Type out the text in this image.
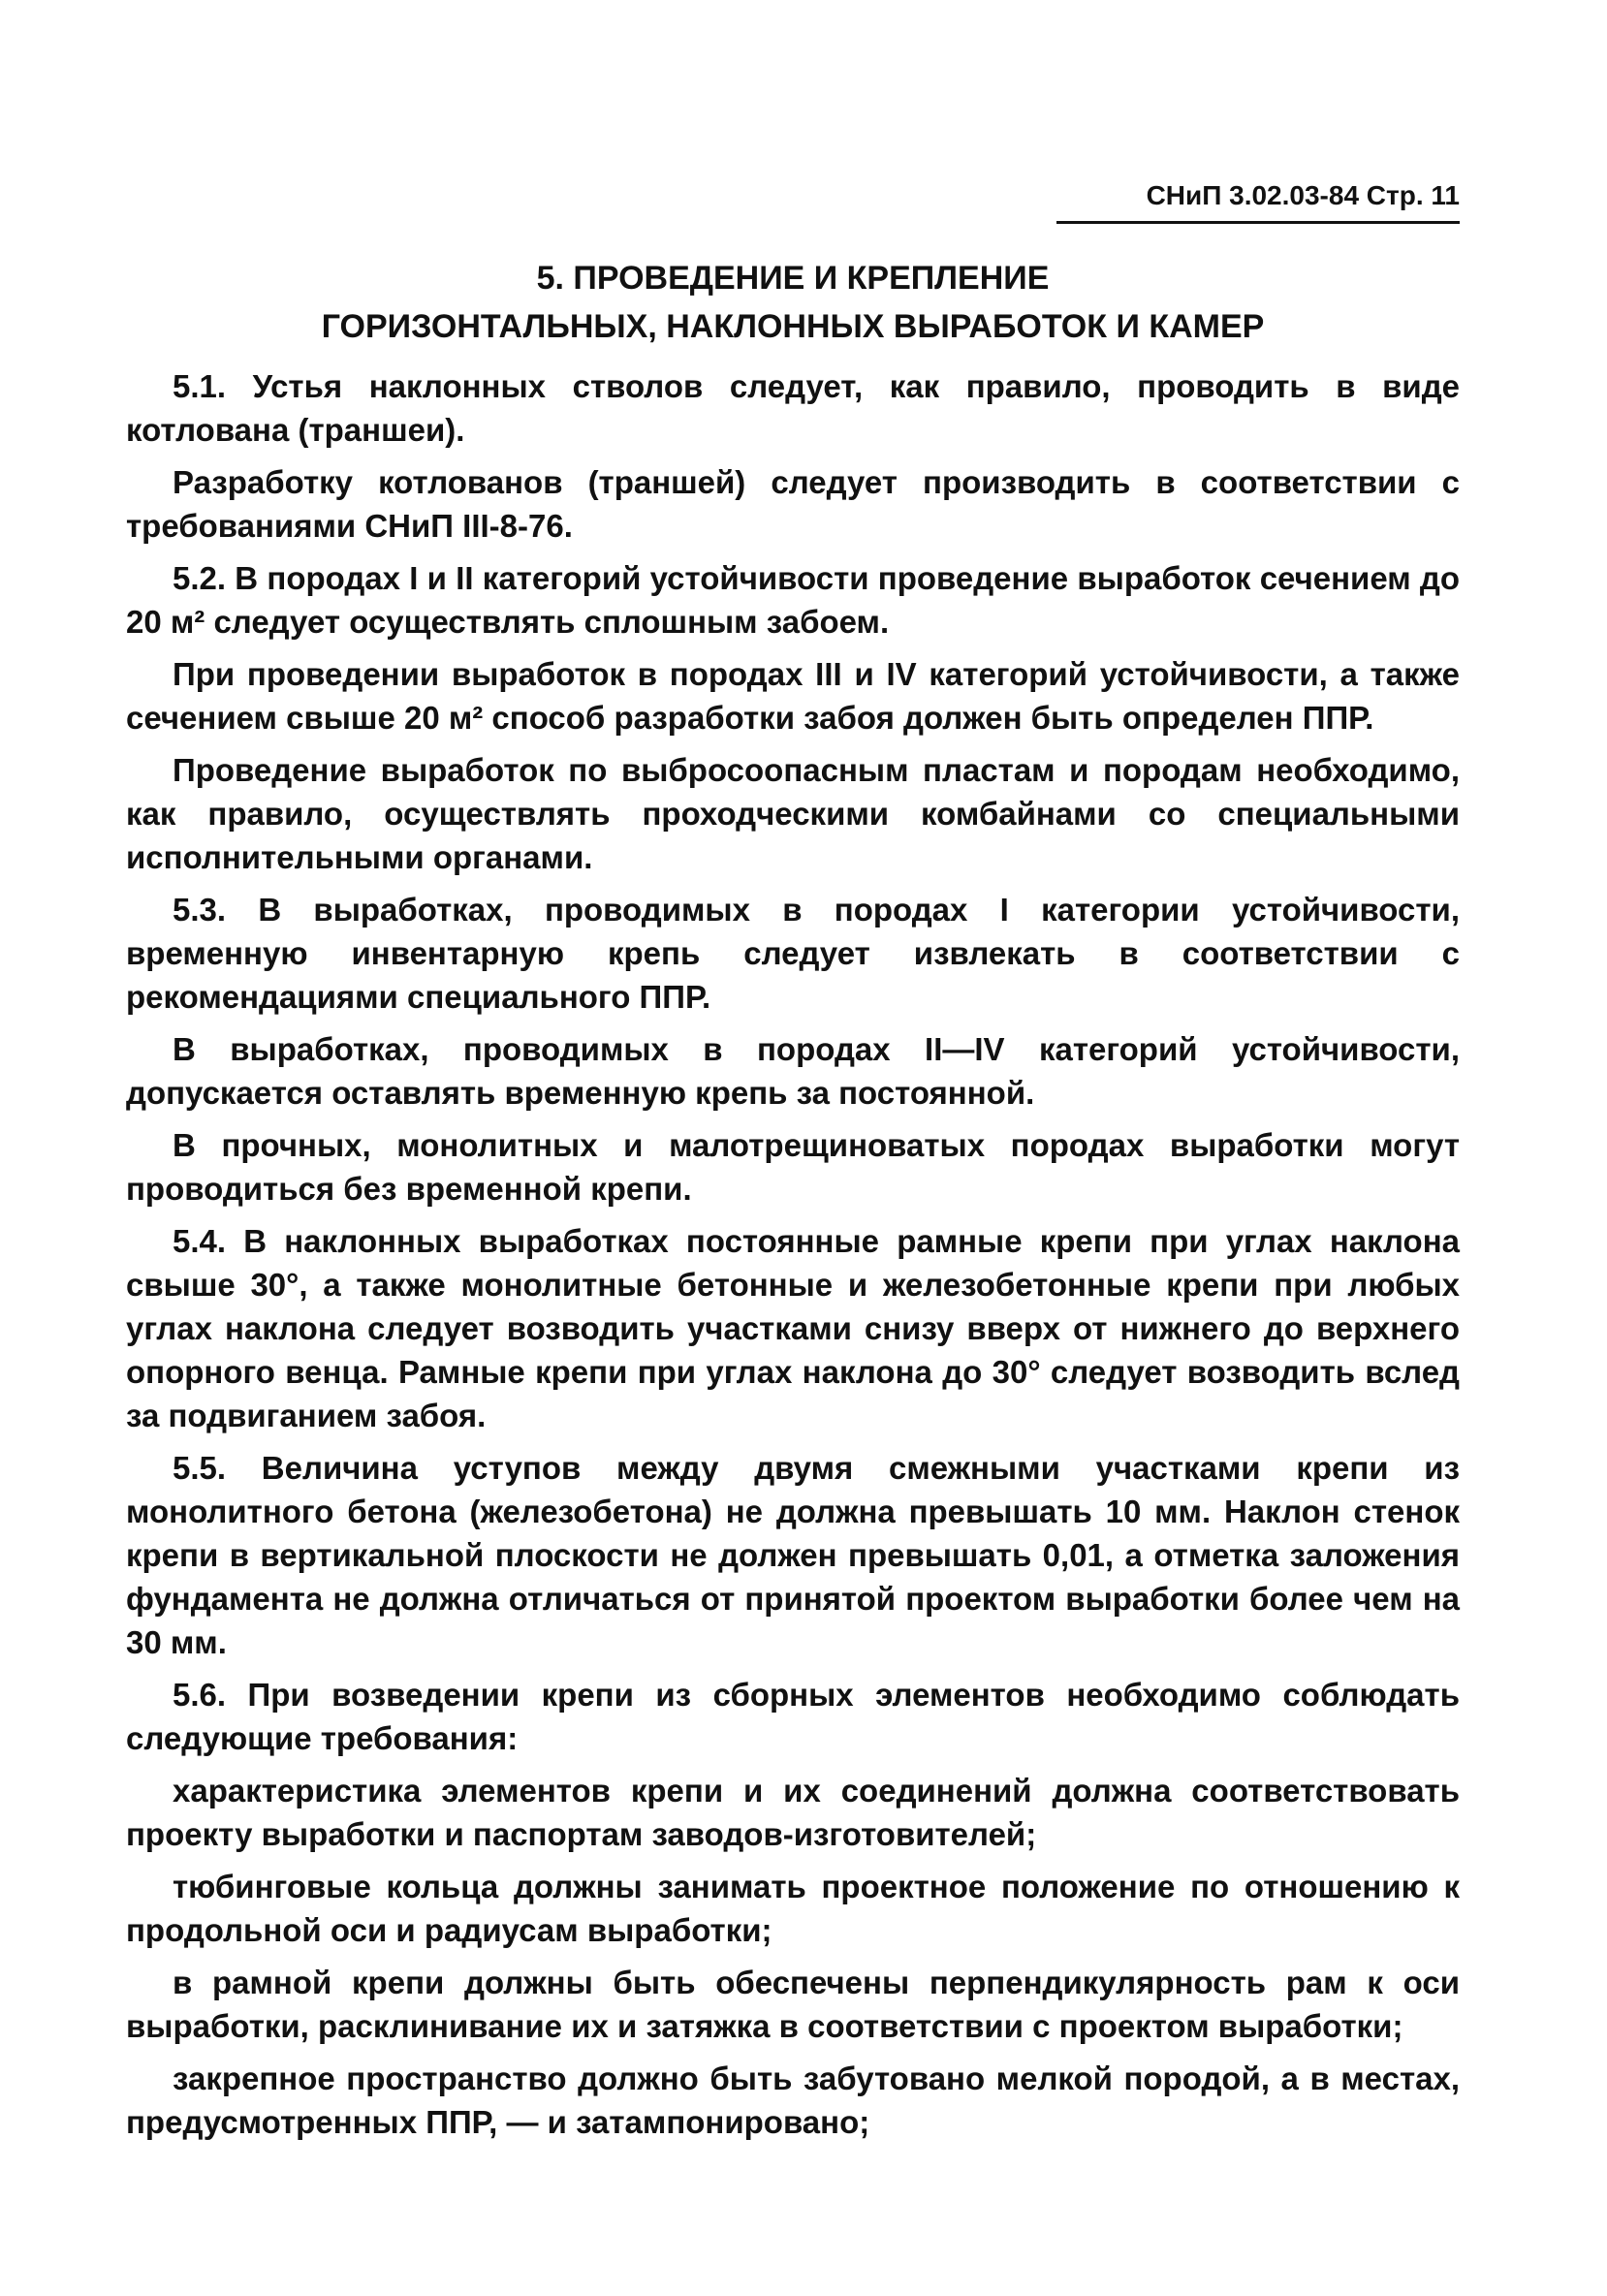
СНиП 3.02.03-84 Стр. 11
5. ПРОВЕДЕНИЕ И КРЕПЛЕНИЕ
ГОРИЗОНТАЛЬНЫХ, НАКЛОННЫХ ВЫРАБОТОК И КАМЕР

5.1. Устья наклонных стволов следует, как правило, проводить в виде котлована (траншеи).

Разработку котлованов (траншей) следует производить в соответствии с требованиями СНиП III-8-76.

5.2. В породах I и II категорий устойчивости проведение выработок сечением до 20 м² следует осуществлять сплошным забоем.

При проведении выработок в породах III и IV категорий устойчивости, а также сечением свыше 20 м² способ разработки забоя должен быть определен ППР.

Проведение выработок по выбросоопасным пластам и породам необходимо, как правило, осуществлять проходческими комбайнами со специальными исполнительными органами.

5.3. В выработках, проводимых в породах I категории устойчивости, временную инвентарную крепь следует извлекать в соответствии с рекомендациями специального ППР.

В выработках, проводимых в породах II—IV категорий устойчивости, допускается оставлять временную крепь за постоянной.

В прочных, монолитных и малотрещиноватых породах выработки могут проводиться без временной крепи.

5.4. В наклонных выработках постоянные рамные крепи при углах наклона свыше 30°, а также монолитные бетонные и железобетонные крепи при любых углах наклона следует возводить участками снизу вверх от нижнего до верхнего опорного венца. Рамные крепи при углах наклона до 30° следует возводить вслед за подвиганием забоя.

5.5. Величина уступов между двумя смежными участками крепи из монолитного бетона (железобетона) не должна превышать 10 мм. Наклон стенок крепи в вертикальной плоскости не должен превышать 0,01, а отметка заложения фундамента не должна отличаться от принятой проектом выработки более чем на 30 мм.

5.6. При возведении крепи из сборных элементов необходимо соблюдать следующие требования:

характеристика элементов крепи и их соединений должна соответствовать проекту выработки и паспортам заводов-изготовителей;

тюбинговые кольца должны занимать проектное положение по отношению к продольной оси и радиусам выработки;

в рамной крепи должны быть обеспечены перпендикулярность рам к оси выработки, расклинивание их и затяжка в соответствии с проектом выработки;

закрепное пространство должно быть забутовано мелкой породой, а в местах, предусмотренных ППР, — и затампонировано;
